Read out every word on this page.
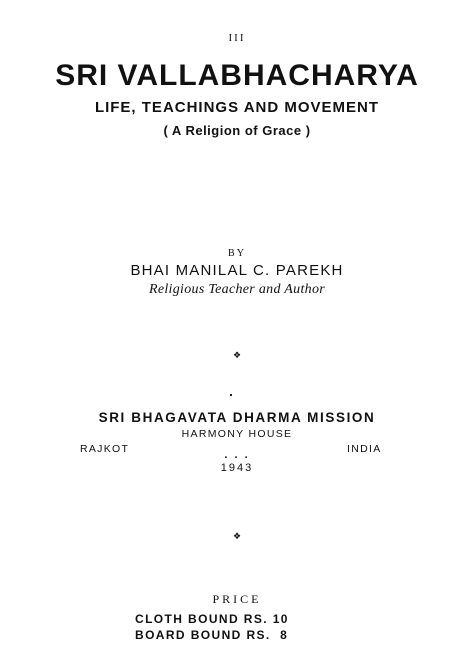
III
SRI VALLABHACHARYA
LIFE, TEACHINGS AND MOVEMENT
( A Religion of Grace )
BY
BHAI MANILAL C. PAREKH
Religious Teacher and Author
❖
SRI BHAGAVATA DHARMA MISSION
HARMONY HOUSE
RAJKOT	INDIA
. . .
1943
❖
PRICE
CLOTH BOUND RS. 10
BOARD BOUND RS.  8
